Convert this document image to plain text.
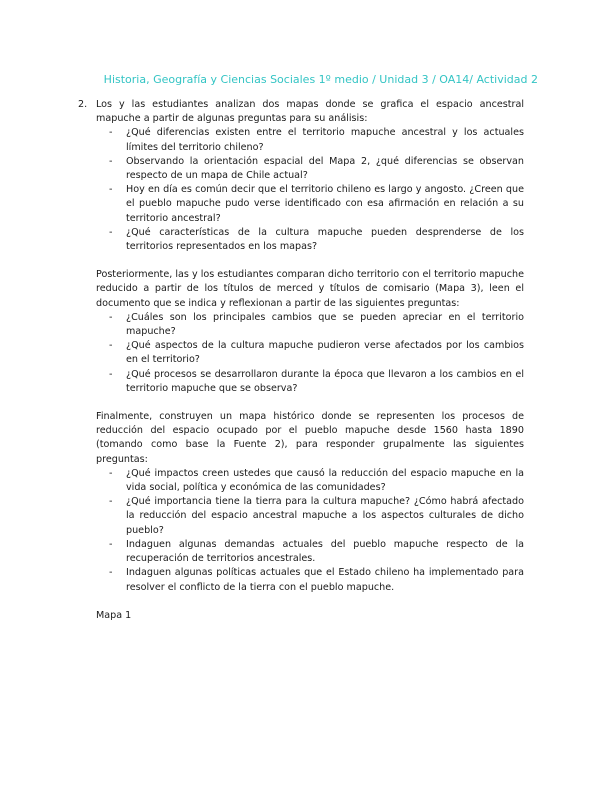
Historia, Geografía y Ciencias Sociales 1º medio / Unidad 3 / OA14/ Actividad 2
2. Los y las estudiantes analizan dos mapas donde se grafica el espacio ancestral mapuche a partir de algunas preguntas para su análisis:

- ¿Qué diferencias existen entre el territorio mapuche ancestral y los actuales límites del territorio chileno?
- Observando la orientación espacial del Mapa 2, ¿qué diferencias se observan respecto de un mapa de Chile actual?
- Hoy en día es común decir que el territorio chileno es largo y angosto. ¿Creen que el pueblo mapuche pudo verse identificado con esa afirmación en relación a su territorio ancestral?
- ¿Qué características de la cultura mapuche pueden desprenderse de los territorios representados en los mapas?

Posteriormente, las y los estudiantes comparan dicho territorio con el territorio mapuche reducido a partir de los títulos de merced y títulos de comisario (Mapa 3), leen el documento que se indica y reflexionan a partir de las siguientes preguntas:

- ¿Cuáles son los principales cambios que se pueden apreciar en el territorio mapuche?
- ¿Qué aspectos de la cultura mapuche pudieron verse afectados por los cambios en el territorio?
- ¿Qué procesos se desarrollaron durante la época que llevaron a los cambios en el territorio mapuche que se observa?

Finalmente, construyen un mapa histórico donde se representen los procesos de reducción del espacio ocupado por el pueblo mapuche desde 1560 hasta 1890 (tomando como base la Fuente 2), para responder grupalmente las siguientes preguntas:

- ¿Qué impactos creen ustedes que causó la reducción del espacio mapuche en la vida social, política y económica de las comunidades?
- ¿Qué importancia tiene la tierra para la cultura mapuche? ¿Cómo habrá afectado la reducción del espacio ancestral mapuche a los aspectos culturales de dicho pueblo?
- Indaguen algunas demandas actuales del pueblo mapuche respecto de la recuperación de territorios ancestrales.
- Indaguen algunas políticas actuales que el Estado chileno ha implementado para resolver el conflicto de la tierra con el pueblo mapuche.

Mapa 1
